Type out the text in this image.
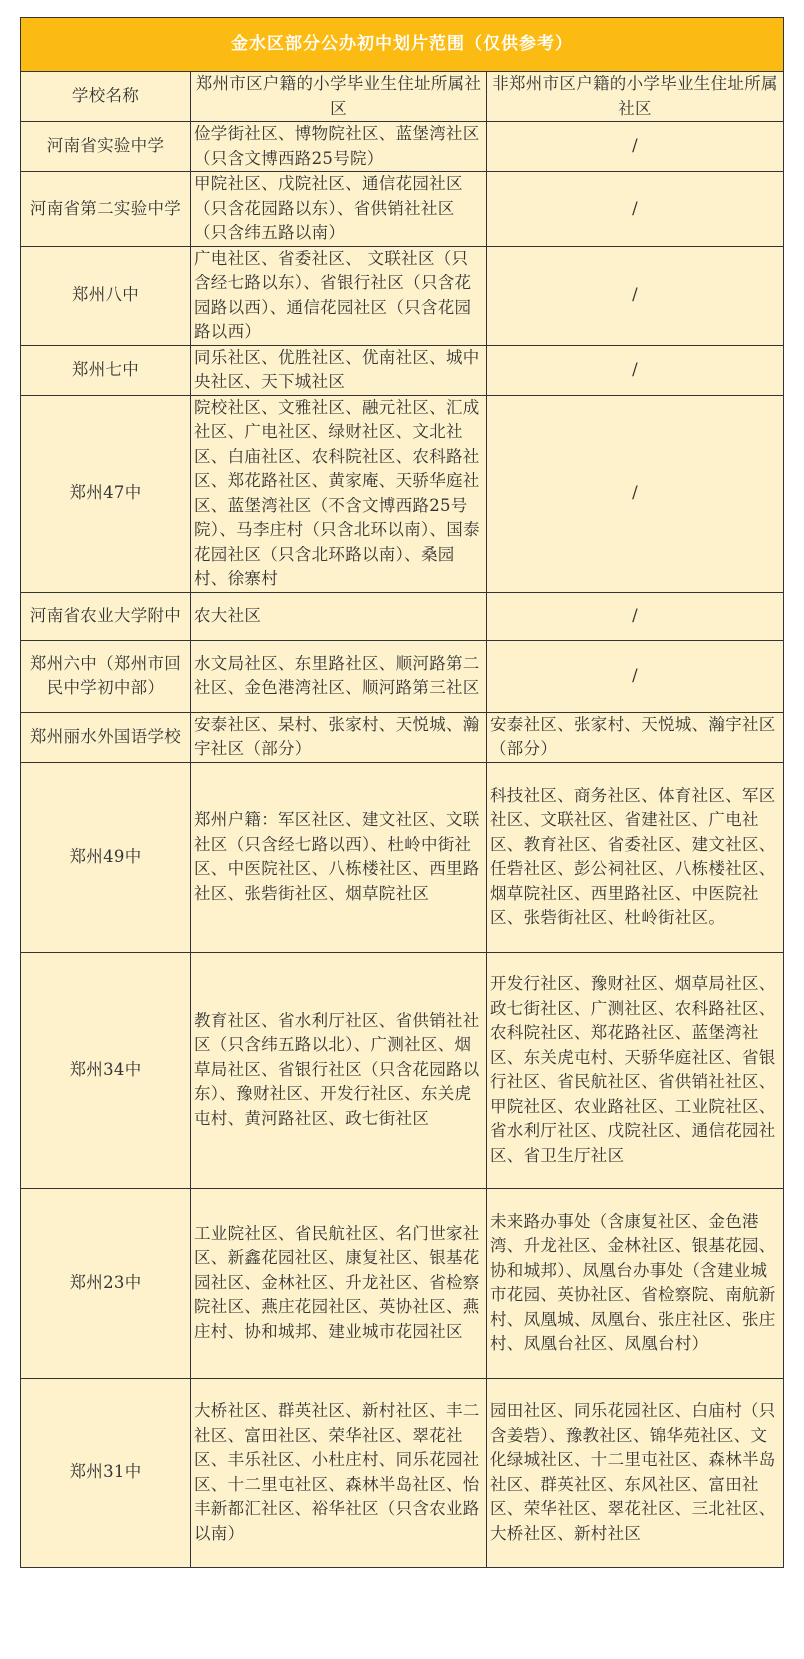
金水区部分公办初中划片范围（仅供参考）		
学校名称	郑州市区户籍的小学毕业生住址所属社区	非郑州市区户籍的小学毕业生住址所属社区
河南省实验中学	俭学街社区、博物院社区、蓝堡湾社区（只含文博西路25号院）	/
河南省第二实验中学	甲院社区、戊院社区、通信花园社区（只含花园路以东）、省供销社社区（只含纬五路以南）	/
郑州八中	广电社区、省委社区、 文联社区（只含经七路以东）、省银行社区（只含花园路以西）、通信花园社区（只含花园路以西）	/
郑州七中	同乐社区、优胜社区、优南社区、城中央社区、天下城社区	/
郑州47中	院校社区、文雅社区、融元社区、汇成社区、广电社区、绿财社区、文北社区、白庙社区、农科院社区、农科路社区、郑花路社区、黄家庵、天骄华庭社区、蓝堡湾社区（不含文博西路25号院）、马李庄村（只含北环以南）、国泰花园社区（只含北环路以南）、桑园村、徐寨村	/
河南省农业大学附中	农大社区	/
郑州六中（郑州市回民中学初中部）	水文局社区、东里路社区、顺河路第二社区、金色港湾社区、顺河路第三社区	/
郑州丽水外国语学校	安泰社区、杲村、张家村、天悦城、瀚宇社区（部分）	安泰社区、张家村、天悦城、瀚宇社区（部分）
郑州49中	郑州户籍：军区社区、建文社区、文联社区（只含经七路以西）、杜岭中街社区、中医院社区、八栋楼社区、西里路社区、张砦街社区、烟草院社区	科技社区、商务社区、体育社区、军区社区、文联社区、省建社区、广电社区、教育社区、省委社区、建文社区、任砦社区、彭公祠社区、八栋楼社区、烟草院社区、西里路社区、中医院社区、张砦街社区、杜岭街社区。
郑州34中	教育社区、省水利厅社区、省供销社社区（只含纬五路以北）、广测社区、烟草局社区、省银行社区（只含花园路以东）、豫财社区、开发行社区、东关虎屯村、黄河路社区、政七街社区	开发行社区、豫财社区、烟草局社区、政七街社区、广测社区、农科路社区、农科院社区、郑花路社区、蓝堡湾社区、东关虎屯村、天骄华庭社区、省银行社区、省民航社区、省供销社社区、甲院社区、农业路社区、工业院社区、省水利厅社区、戊院社区、通信花园社区、省卫生厅社区
郑州23中	工业院社区、省民航社区、名门世家社区、新鑫花园社区、康复社区、银基花园社区、金林社区、升龙社区、省检察院社区、燕庄花园社区、英协社区、燕庄村、协和城邦、建业城市花园社区	未来路办事处（含康复社区、金色港湾、升龙社区、金林社区、银基花园、协和城邦）、凤凰台办事处（含建业城市花园、英协社区、省检察院、南航新村、凤凰城、凤凰台、张庄社区、张庄村、凤凰台社区、凤凰台村）
郑州31中	大桥社区、群英社区、新村社区、丰二社区、富田社区、荣华社区、翠花社区、丰乐社区、小杜庄村、同乐花园社区、十二里屯社区、森林半岛社区、怡丰新都汇社区、裕华社区（只含农业路以南）	园田社区、同乐花园社区、白庙村（只含姜砦）、豫教社区、锦华苑社区、文化绿城社区、十二里屯社区、森林半岛社区、群英社区、东风社区、富田社区、荣华社区、翠花社区、三北社区、大桥社区、新村社区
